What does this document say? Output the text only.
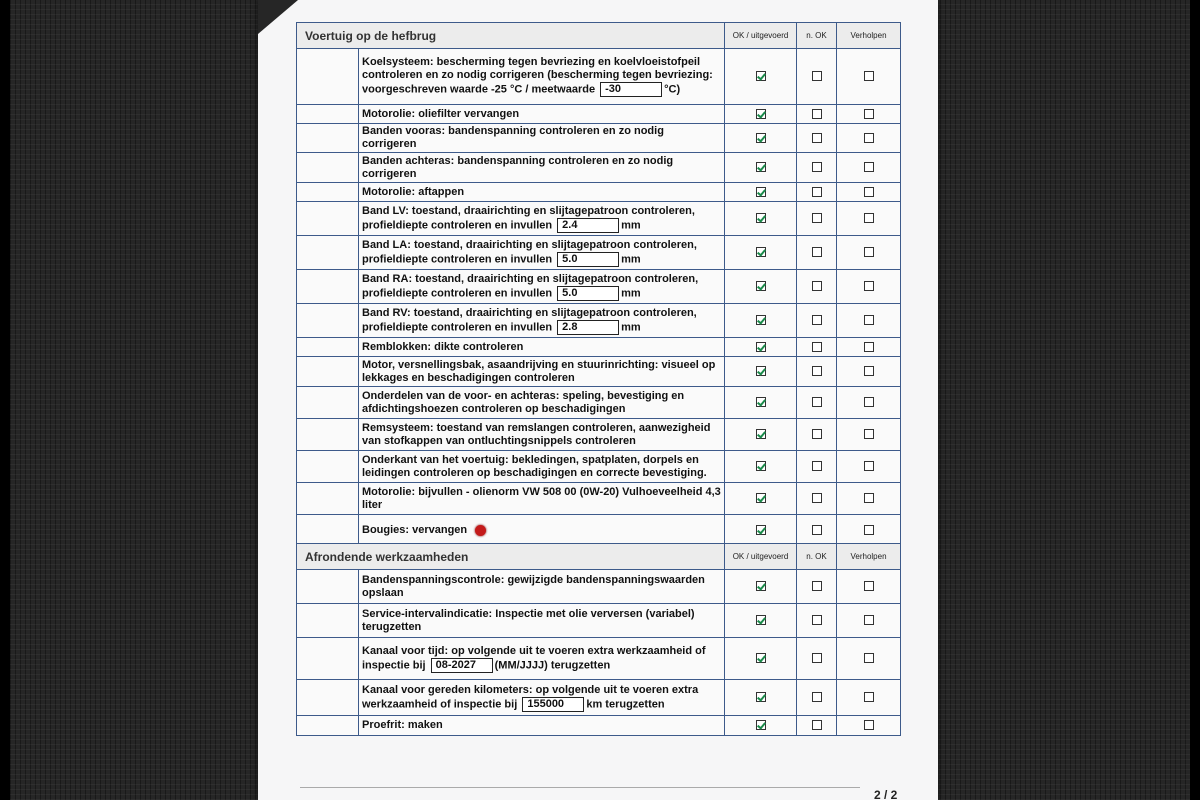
Voertuig op de hefbrug		OK / uitgevoerd	n. OK	Verholpen
	Koelsysteem: bescherming tegen bevriezing en koelvloeistofpeil controleren en zo nodig corrigeren (bescherming tegen bevriezing: voorgeschreven waarde -25 °C / meetwaarde -30 °C)			
	Motorolie: oliefilter vervangen			
	Banden vooras: bandenspanning controleren en zo nodig corrigeren			
	Banden achteras: bandenspanning controleren en zo nodig corrigeren			
	Motorolie: aftappen			
	Band LV: toestand, draairichting en slijtagepatroon controleren, profieldiepte controleren en invullen 2.4 mm			
	Band LA: toestand, draairichting en slijtagepatroon controleren, profieldiepte controleren en invullen 5.0 mm			
	Band RA: toestand, draairichting en slijtagepatroon controleren, profieldiepte controleren en invullen 5.0 mm			
	Band RV: toestand, draairichting en slijtagepatroon controleren, profieldiepte controleren en invullen 2.8 mm			
	Remblokken: dikte controleren			
	Motor, versnellingsbak, asaandrijving en stuurinrichting: visueel op lekkages en beschadigingen controleren			
	Onderdelen van de voor- en achteras: speling, bevestiging en afdichtingshoezen controleren op beschadigingen			
	Remsysteem: toestand van remslangen controleren, aanwezigheid van stofkappen van ontluchtingsnippels controleren			
	Onderkant van het voertuig: bekledingen, spatplaten, dorpels en leidingen controleren op beschadigingen en correcte bevestiging.			
	Motorolie: bijvullen - olienorm VW 508 00 (0W-20) Vulhoeveelheid 4,3 liter			
	Bougies: vervangen			
Afrondende werkzaamheden		OK / uitgevoerd	n. OK	Verholpen
	Bandenspanningscontrole: gewijzigde bandenspanningswaarden opslaan			
	Service-intervalindicatie: Inspectie met olie verversen (variabel) terugzetten			
	Kanaal voor tijd: op volgende uit te voeren extra werkzaamheid of inspectie bij 08-2027 (MM/JJJJ) terugzetten			
	Kanaal voor gereden kilometers: op volgende uit te voeren extra werkzaamheid of inspectie bij 155000 km terugzetten			
	Proefrit: maken			
2 / 2
